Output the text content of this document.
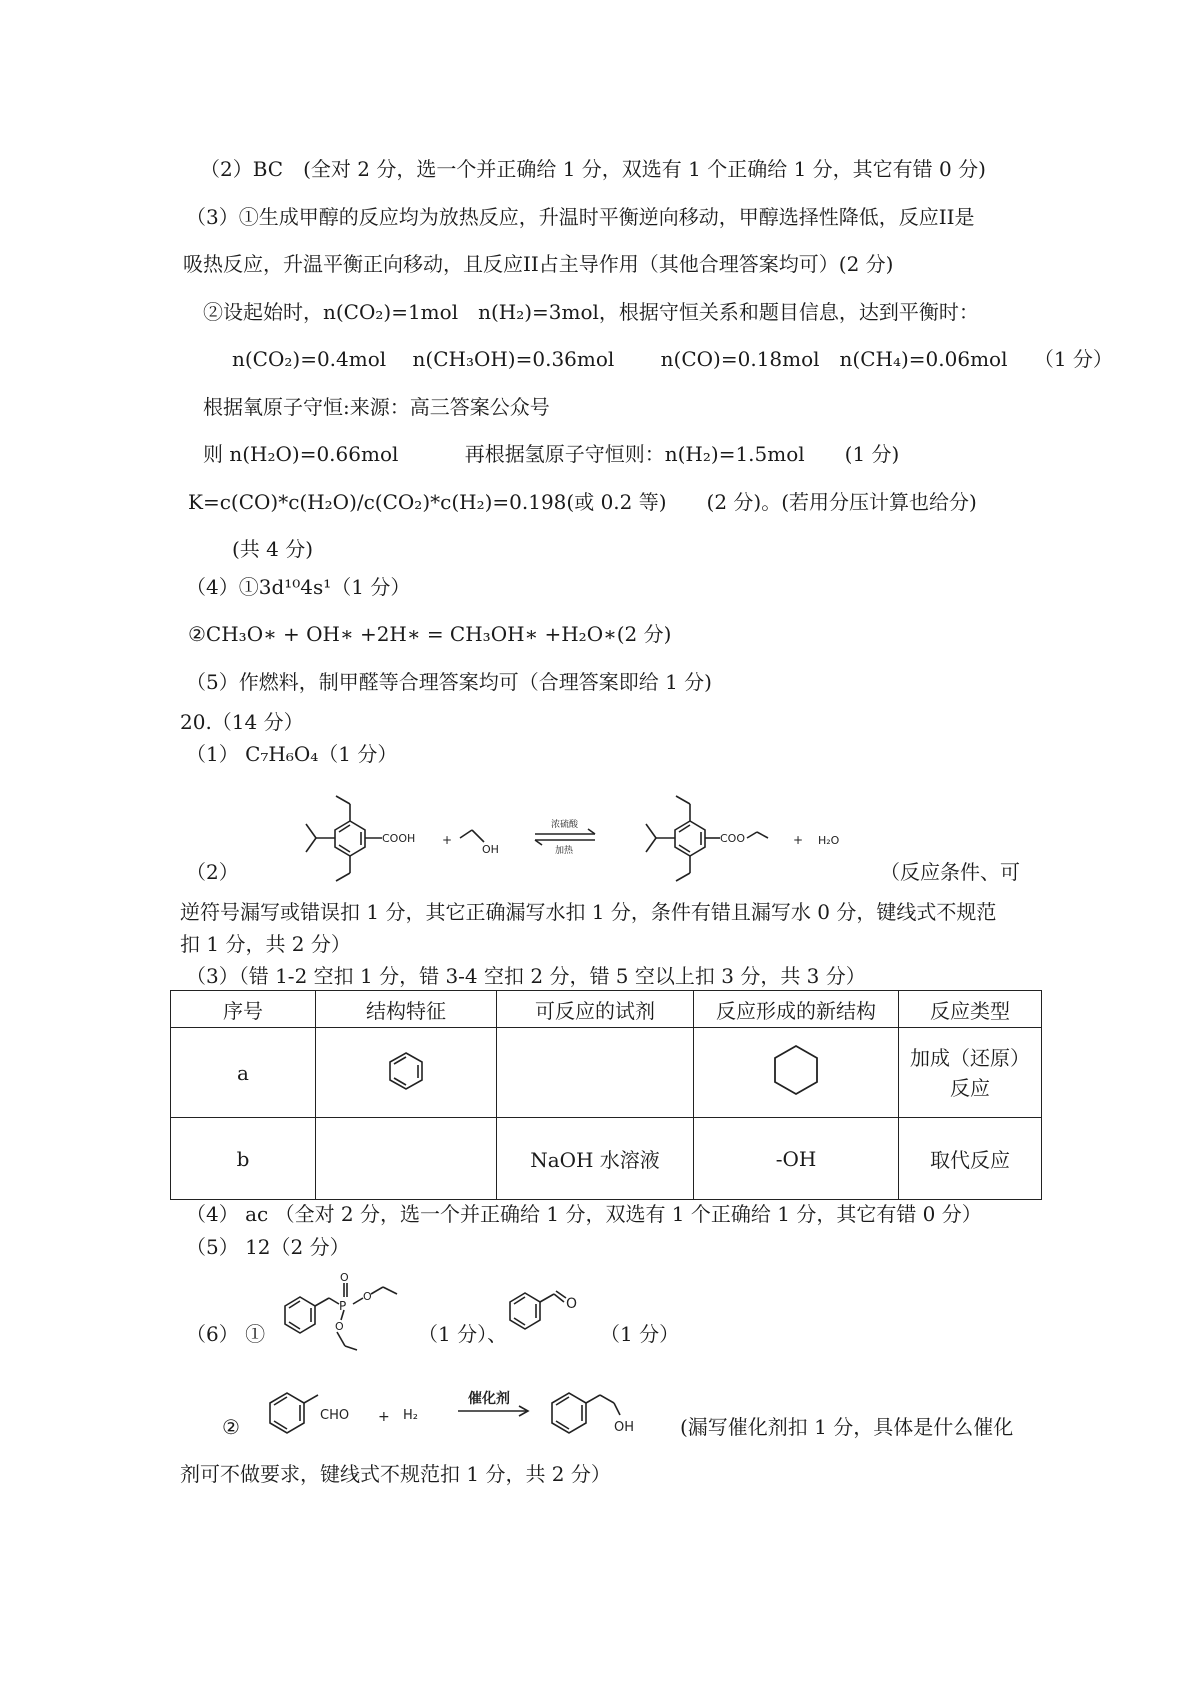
（2）BC　(全对 2 分，选一个并正确给 1 分，双选有 1 个正确给 1 分，其它有错 0 分)
（3）①生成甲醇的反应均为放热反应，升温时平衡逆向移动，甲醇选择性降低，反应II是
吸热反应，升温平衡正向移动，且反应II占主导作用（其他合理答案均可）(2 分)
②设起始时，n(CO₂)=1mol　n(H₂)=3mol，根据守恒关系和题目信息，达到平衡时：
n(CO₂)=0.4mol　 n(CH₃OH)=0.36mol　　 n(CO)=0.18mol　n(CH₄)=0.06mol　 （1 分）
根据氧原子守恒:来源：高三答案公众号
则 n(H₂O)=0.66mol　　　 再根据氢原子守恒则：n(H₂)=1.5mol　　(1 分)
K=c(CO)*c(H₂O)/c(CO₂)*c(H₂)=0.198(或 0.2 等)　　(2 分)。(若用分压计算也给分)
(共 4 分)
（4）①3d¹⁰4s¹（1 分）
②CH₃O∗ + OH∗ +2H∗ = CH₃OH∗ +H₂O∗(2 分)
（5）作燃料，制甲醛等合理答案均可（合理答案即给 1 分)
20.（14 分）
（1） C₇H₆O₄（1 分）
（2）	（反应条件、可
逆符号漏写或错误扣 1 分，其它正确漏写水扣 1 分，条件有错且漏写水 0 分，键线式不规范
扣 1 分，共 2 分）
（3）（错 1-2 空扣 1 分，错 3-4 空扣 2 分，错 5 空以上扣 3 分，共 3 分）
（4） ac （全对 2 分，选一个并正确给 1 分，双选有 1 个正确给 1 分，其它有错 0 分）
（5） 12（2 分）
（6） ①	（1 分）、	（1 分）
②	(漏写催化剂扣 1 分，具体是什么催化
剂可不做要求，键线式不规范扣 1 分，共 2 分）
COOH +
OH
浓硫酸
加热
COO	+ H₂O
序号	结构特征	可反应的试剂	反应形成的新结构	反应类型
a				加成（还原）反应
b		NaOH 水溶液	-OH	取代反应
P
O
O
O
O
CHO + H₂
催化剂
OH
